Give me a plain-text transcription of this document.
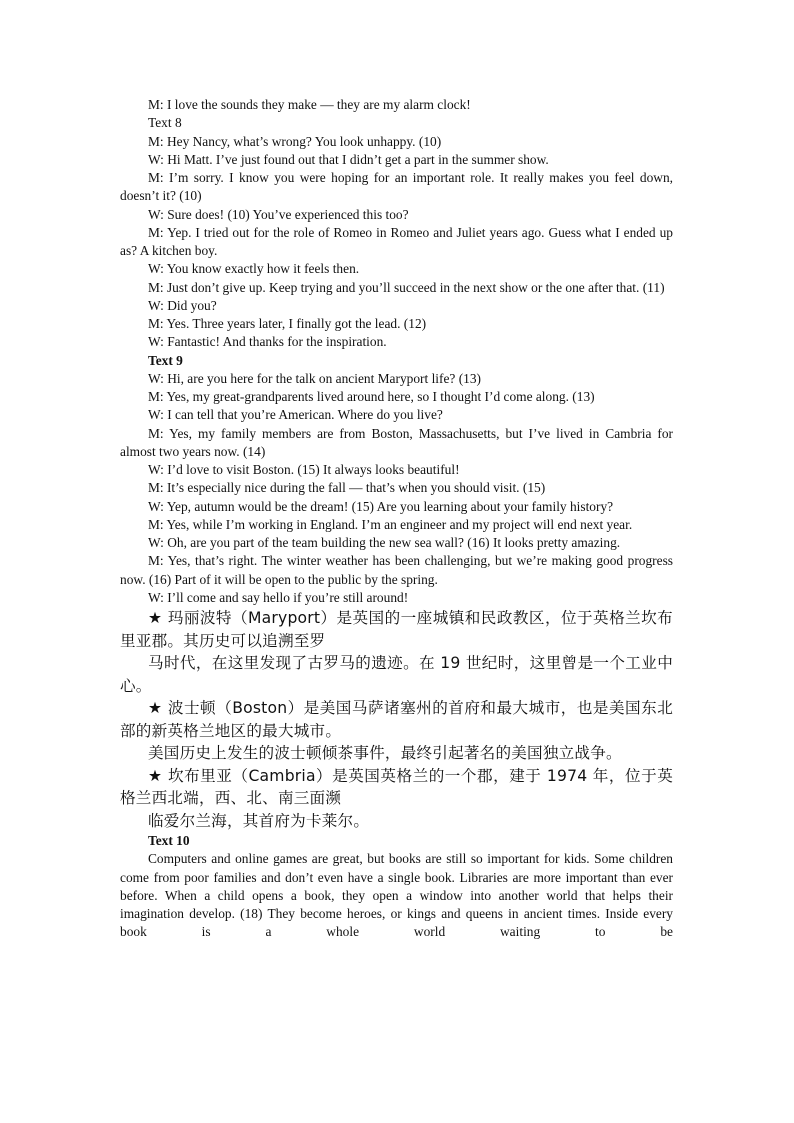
M: I love the sounds they make — they are my alarm clock!

Text 8

M: Hey Nancy, what’s wrong? You look unhappy. (10)

W: Hi Matt. I’ve just found out that I didn’t get a part in the summer show.

M: I’m sorry. I know you were hoping for an important role. It really makes you feel down, doesn’t it? (10)

W: Sure does! (10) You’ve experienced this too?

M: Yep. I tried out for the role of Romeo in Romeo and Juliet years ago. Guess what I ended up as? A kitchen boy.

W: You know exactly how it feels then.

M: Just don’t give up. Keep trying and you’ll succeed in the next show or the one after that. (11)

W: Did you?

M: Yes. Three years later, I finally got the lead. (12)

W: Fantastic! And thanks for the inspiration.

Text 9

W: Hi, are you here for the talk on ancient Maryport life? (13)

M: Yes, my great-grandparents lived around here, so I thought I’d come along. (13)

W: I can tell that you’re American. Where do you live?

M: Yes, my family members are from Boston, Massachusetts, but I’ve lived in Cambria for almost two years now. (14)

W: I’d love to visit Boston. (15) It always looks beautiful!

M: It’s especially nice during the fall — that’s when you should visit. (15)

W: Yep, autumn would be the dream! (15) Are you learning about your family history?

M: Yes, while I’m working in England. I’m an engineer and my project will end next year.

W: Oh, are you part of the team building the new sea wall? (16) It looks pretty amazing.

M: Yes, that’s right. The winter weather has been challenging, but we’re making good progress now. (16) Part of it will be open to the public by the spring.

W: I’ll come and say hello if you’re still around!

★ 玛丽波特（Maryport）是英国的一座城镇和民政教区，位于英格兰坎布里亚郡。其历史可以追溯至罗

马时代，在这里发现了古罗马的遗迹。在 19 世纪时，这里曾是一个工业中心。

★ 波士顿（Boston）是美国马萨诸塞州的首府和最大城市，也是美国东北部的新英格兰地区的最大城市。

美国历史上发生的波士顿倾茶事件，最终引起著名的美国独立战争。

★ 坎布里亚（Cambria）是英国英格兰的一个郡，建于 1974 年，位于英格兰西北端，西、北、南三面濒

临爱尔兰海，其首府为卡莱尔。

Text 10

Computers and online games are great, but books are still so important for kids. Some children come from poor families and don’t even have a single book. Libraries are more important than ever before. When a child opens a book, they open a window into another world that helps their imagination develop. (18) They become heroes, or kings and queens in ancient times. Inside every book is a whole world waiting to be
